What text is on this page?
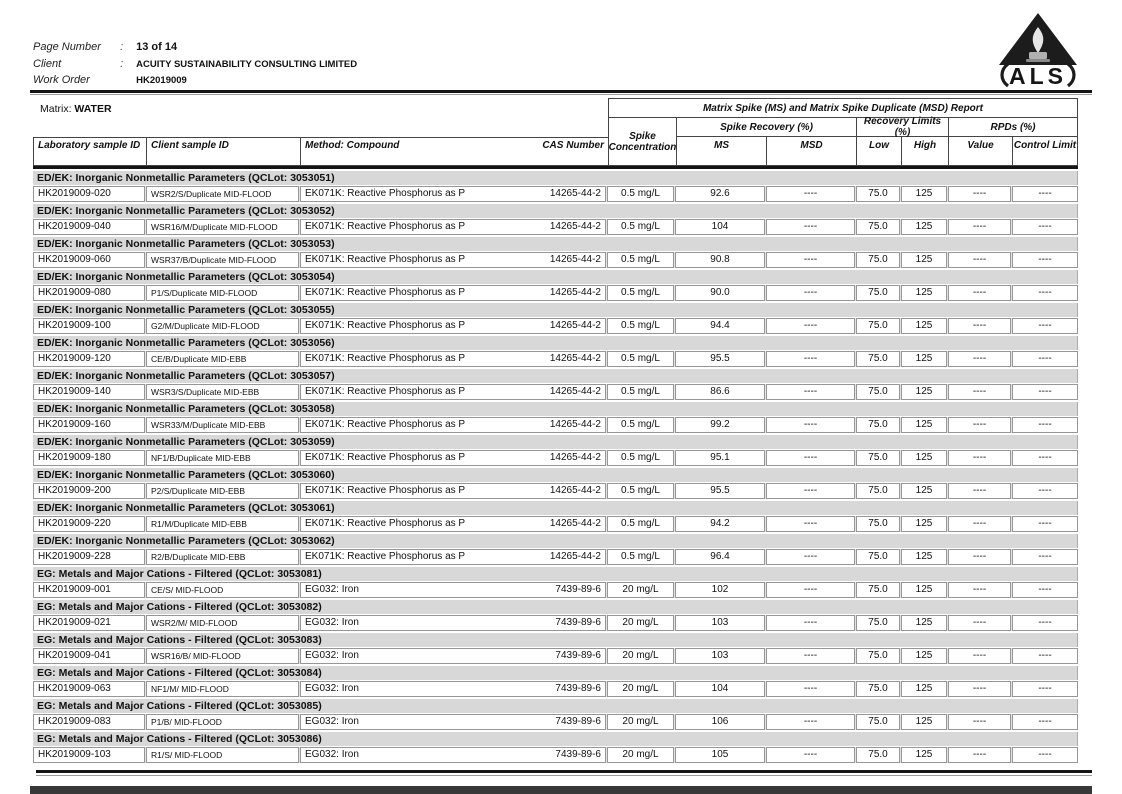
Page Number : 13 of 14
Client	: ACUITY SUSTAINABILITY CONSULTING LIMITED
Work Order	HK2019009	ALS
Matrix: WATER	Matrix Spike (MS) and Matrix Spike Duplicate (MSD) Report
Spike Concentration
Spike Recovery (%)	Recovery Limits (%)	RPDs (%)
MS	MSD	Low	High	Value	Control Limit
Laboratory sample ID	Client sample ID	Method: Compound	CAS Number
ED/EK: Inorganic Nonmetallic Parameters (QCLot: 3053051)
HK2019009-020	WSR2/S/Duplicate MID-FLOOD	EK071K: Reactive Phosphorus as P	14265-44-2	0.5 mg/L	92.6	----	75.0	125	----	----
ED/EK: Inorganic Nonmetallic Parameters (QCLot: 3053052)
HK2019009-040	WSR16/M/Duplicate MID-FLOOD	EK071K: Reactive Phosphorus as P	14265-44-2	0.5 mg/L	104	----	75.0	125	----	----
ED/EK: Inorganic Nonmetallic Parameters (QCLot: 3053053)
HK2019009-060	WSR37/B/Duplicate MID-FLOOD	EK071K: Reactive Phosphorus as P	14265-44-2	0.5 mg/L	90.8	----	75.0	125	----	----
ED/EK: Inorganic Nonmetallic Parameters (QCLot: 3053054)
HK2019009-080	P1/S/Duplicate MID-FLOOD	EK071K: Reactive Phosphorus as P	14265-44-2	0.5 mg/L	90.0	----	75.0	125	----	----
ED/EK: Inorganic Nonmetallic Parameters (QCLot: 3053055)
HK2019009-100	G2/M/Duplicate MID-FLOOD	EK071K: Reactive Phosphorus as P	14265-44-2	0.5 mg/L	94.4	----	75.0	125	----	----
ED/EK: Inorganic Nonmetallic Parameters (QCLot: 3053056)
HK2019009-120	CE/B/Duplicate MID-EBB	EK071K: Reactive Phosphorus as P	14265-44-2	0.5 mg/L	95.5	----	75.0	125	----	----
ED/EK: Inorganic Nonmetallic Parameters (QCLot: 3053057)
HK2019009-140	WSR3/S/Duplicate MID-EBB	EK071K: Reactive Phosphorus as P	14265-44-2	0.5 mg/L	86.6	----	75.0	125	----	----
ED/EK: Inorganic Nonmetallic Parameters (QCLot: 3053058)
HK2019009-160	WSR33/M/Duplicate MID-EBB	EK071K: Reactive Phosphorus as P	14265-44-2	0.5 mg/L	99.2	----	75.0	125	----	----
ED/EK: Inorganic Nonmetallic Parameters (QCLot: 3053059)
HK2019009-180	NF1/B/Duplicate MID-EBB	EK071K: Reactive Phosphorus as P	14265-44-2	0.5 mg/L	95.1	----	75.0	125	----	----
ED/EK: Inorganic Nonmetallic Parameters (QCLot: 3053060)
HK2019009-200	P2/S/Duplicate MID-EBB	EK071K: Reactive Phosphorus as P	14265-44-2	0.5 mg/L	95.5	----	75.0	125	----	----
ED/EK: Inorganic Nonmetallic Parameters (QCLot: 3053061)
HK2019009-220	R1/M/Duplicate MID-EBB	EK071K: Reactive Phosphorus as P	14265-44-2	0.5 mg/L	94.2	----	75.0	125	----	----
ED/EK: Inorganic Nonmetallic Parameters (QCLot: 3053062)
HK2019009-228	R2/B/Duplicate MID-EBB	EK071K: Reactive Phosphorus as P	14265-44-2	0.5 mg/L	96.4	----	75.0	125	----	----
EG: Metals and Major Cations - Filtered (QCLot: 3053081)
HK2019009-001	CE/S/ MID-FLOOD	EG032: Iron	7439-89-6	20 mg/L	102	----	75.0	125	----	----
EG: Metals and Major Cations - Filtered (QCLot: 3053082)
HK2019009-021	WSR2/M/ MID-FLOOD	EG032: Iron	7439-89-6	20 mg/L	103	----	75.0	125	----	----
EG: Metals and Major Cations - Filtered (QCLot: 3053083)
HK2019009-041	WSR16/B/ MID-FLOOD	EG032: Iron	7439-89-6	20 mg/L	103	----	75.0	125	----	----
EG: Metals and Major Cations - Filtered (QCLot: 3053084)
HK2019009-063	NF1/M/ MID-FLOOD	EG032: Iron	7439-89-6	20 mg/L	104	----	75.0	125	----	----
EG: Metals and Major Cations - Filtered (QCLot: 3053085)
HK2019009-083	P1/B/ MID-FLOOD	EG032: Iron	7439-89-6	20 mg/L	106	----	75.0	125	----	----
EG: Metals and Major Cations - Filtered (QCLot: 3053086)
HK2019009-103	R1/S/ MID-FLOOD	EG032: Iron	7439-89-6	20 mg/L	105	----	75.0	125	----	----
